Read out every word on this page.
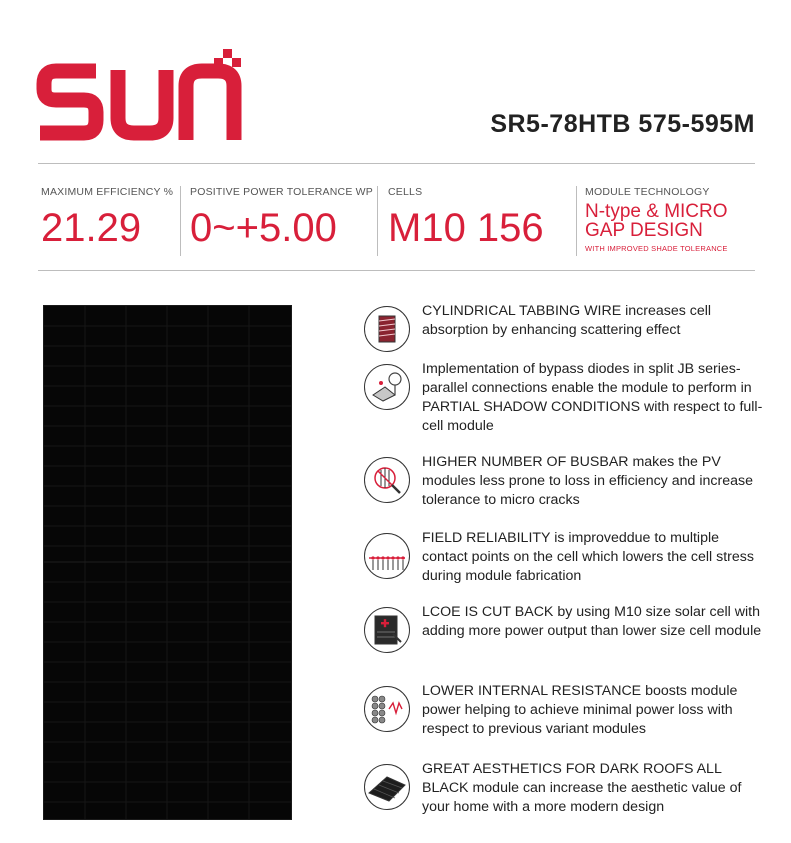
SR5-78HTB 575-595M
MAXIMUM EFFICIENCY %
21.29
POSITIVE POWER TOLERANCE WP
0~+5.00
CELLS
M10 156
MODULE TECHNOLOGY
N-type & MICRO
GAP DESIGN
WITH IMPROVED SHADE TOLERANCE
CYLINDRICAL TABBING WIRE increases cell absorption by enhancing scattering effect
Implementation of bypass diodes in split JB series-parallel connections enable the module to perform in PARTIAL SHADOW CONDITIONS with respect to full-cell module
HIGHER NUMBER OF BUSBAR makes the PV modules less prone to loss in efficiency and increase tolerance to micro cracks
FIELD RELIABILITY is improveddue to multiple contact points on the cell which lowers the cell stress during module fabrication
LCOE IS CUT BACK by using M10 size solar cell with adding more power output than lower size cell module
LOWER INTERNAL RESISTANCE boosts module power helping to achieve minimal power loss with respect to previous variant modules
GREAT AESTHETICS FOR DARK ROOFS ALL BLACK module can increase the aesthetic value of your home with a more modern design
